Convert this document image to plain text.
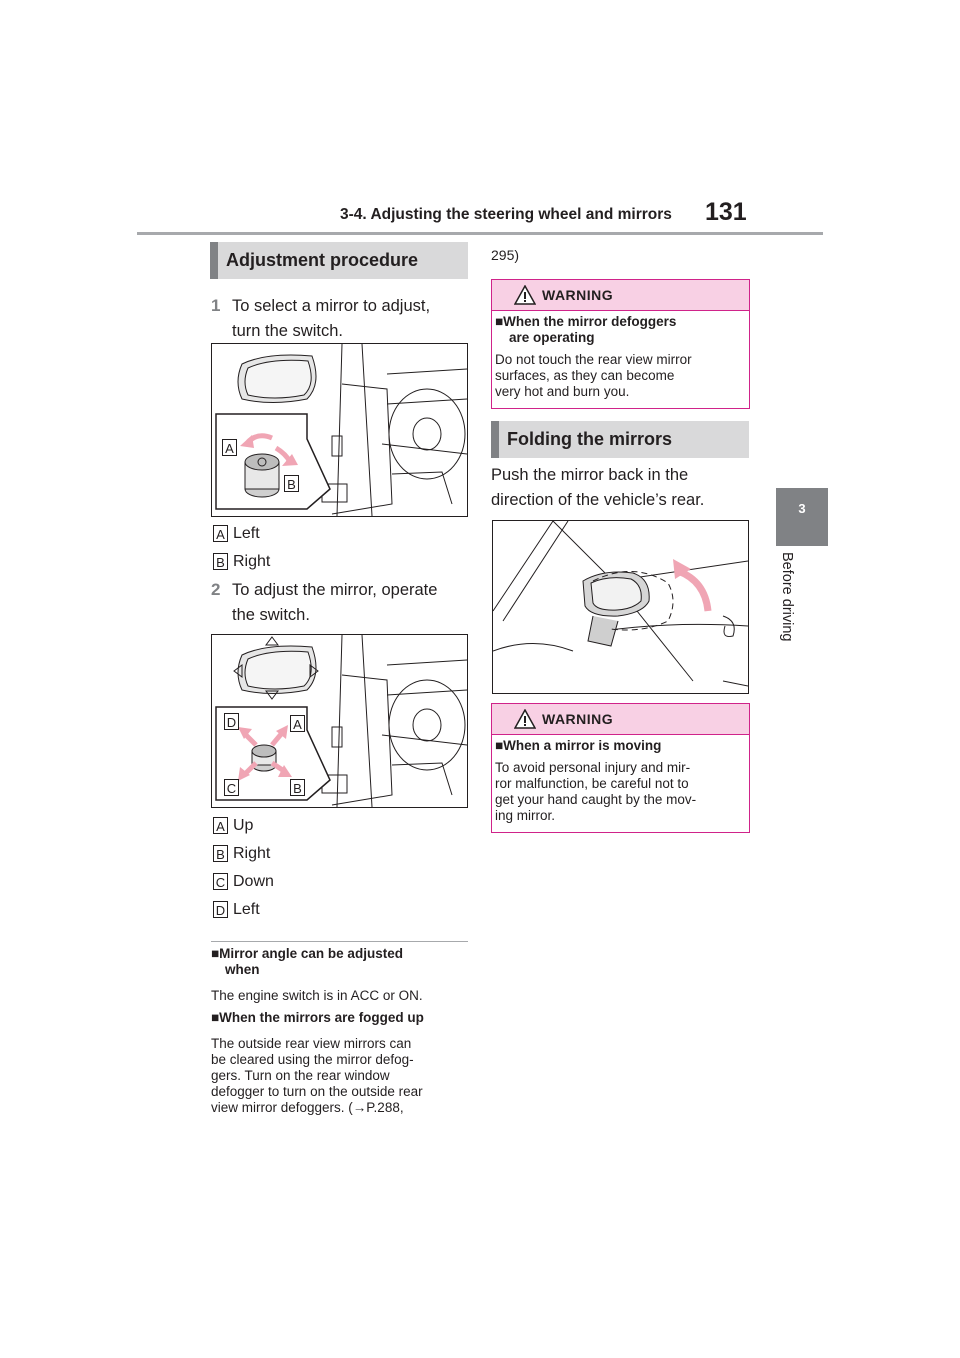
3-4. Adjusting the steering wheel and mirrors 131
3
Before driving
Adjustment procedure
1 To select a mirror to adjust,
turn the switch.
A
B
A Left
B Right
2 To adjust the mirror, operate
the switch.
D	A
C	B
A Up
B Right
C Down
D Left
■Mirror angle can be adjusted
when
The engine switch is in ACC or ON.
■When the mirrors are fogged up
The outside rear view mirrors can
be cleared using the mirror defog-
gers. Turn on the rear window
defogger to turn on the outside rear
view mirror defoggers. (→P.288,
295)
WARNING
■When the mirror defoggers
are operating
Do not touch the rear view mirror
surfaces, as they can become
very hot and burn you.
Folding the mirrors
Push the mirror back in the
direction of the vehicle’s rear.
WARNING
■When a mirror is moving
To avoid personal injury and mir-
ror malfunction, be careful not to
get your hand caught by the mov-
ing mirror.
